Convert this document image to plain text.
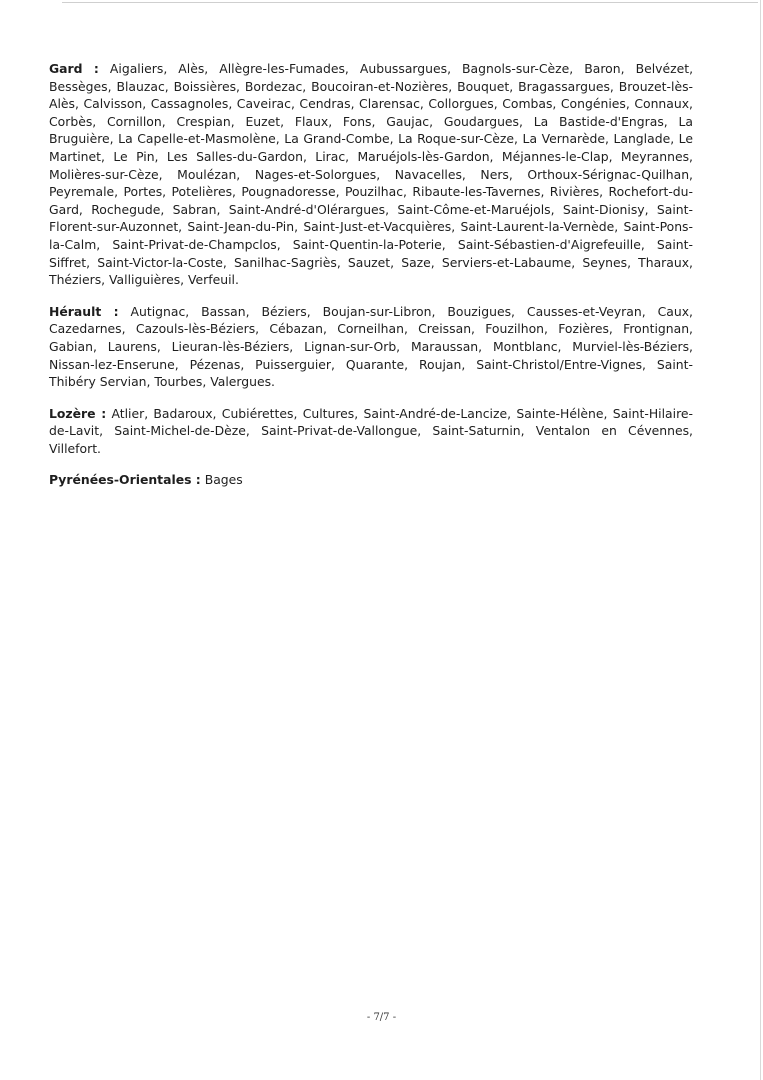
Gard : Aigaliers, Alès, Allègre-les-Fumades, Aubussargues, Bagnols-sur-Cèze, Baron, Belvézet, Bessèges, Blauzac, Boissières, Bordezac, Boucoiran-et-Nozières, Bouquet, Bragassargues, Brouzet-lès-Alès, Calvisson, Cassagnoles, Caveirac, Cendras, Clarensac, Collorgues, Combas, Congénies, Connaux, Corbès, Cornillon, Crespian, Euzet, Flaux, Fons, Gaujac, Goudargues, La Bastide-d'Engras, La Bruguière, La Capelle-et-Masmolène, La Grand-Combe, La Roque-sur-Cèze, La Vernarède, Langlade, Le Martinet, Le Pin, Les Salles-du-Gardon, Lirac, Maruéjols-lès-Gardon, Méjannes-le-Clap, Meyrannes, Molières-sur-Cèze, Moulézan, Nages-et-Solorgues, Navacelles, Ners, Orthoux-Sérignac-Quilhan, Peyremale, Portes, Potelières, Pougnadoresse, Pouzilhac, Ribaute-les-Tavernes, Rivières, Rochefort-du-Gard, Rochegude, Sabran, Saint-André-d'Olérargues, Saint-Côme-et-Maruéjols, Saint-Dionisy, Saint-Florent-sur-Auzonnet, Saint-Jean-du-Pin, Saint-Just-et-Vacquières, Saint-Laurent-la-Vernède, Saint-Pons-la-Calm, Saint-Privat-de-Champclos, Saint-Quentin-la-Poterie, Saint-Sébastien-d'Aigrefeuille, Saint-Siffret, Saint-Victor-la-Coste, Sanilhac-Sagriès, Sauzet, Saze, Serviers-et-Labaume, Seynes, Tharaux, Théziers, Valliguières, Verfeuil.

Hérault : Autignac, Bassan, Béziers, Boujan-sur-Libron, Bouzigues, Causses-et-Veyran, Caux, Cazedarnes, Cazouls-lès-Béziers, Cébazan, Corneilhan, Creissan, Fouzilhon, Fozières, Frontignan, Gabian, Laurens, Lieuran-lès-Béziers, Lignan-sur-Orb, Maraussan, Montblanc, Murviel-lès-Béziers, Nissan-lez-Enserune, Pézenas, Puisserguier, Quarante, Roujan, Saint-Christol/Entre-Vignes, Saint-Thibéry Servian, Tourbes, Valergues.

Lozère : Atlier, Badaroux, Cubiérettes, Cultures, Saint-André-de-Lancize, Sainte-Hélène, Saint-Hilaire-de-Lavit, Saint-Michel-de-Dèze, Saint-Privat-de-Vallongue, Saint-Saturnin, Ventalon en Cévennes, Villefort.

Pyrénées-Orientales : Bages

- 7/7 -
